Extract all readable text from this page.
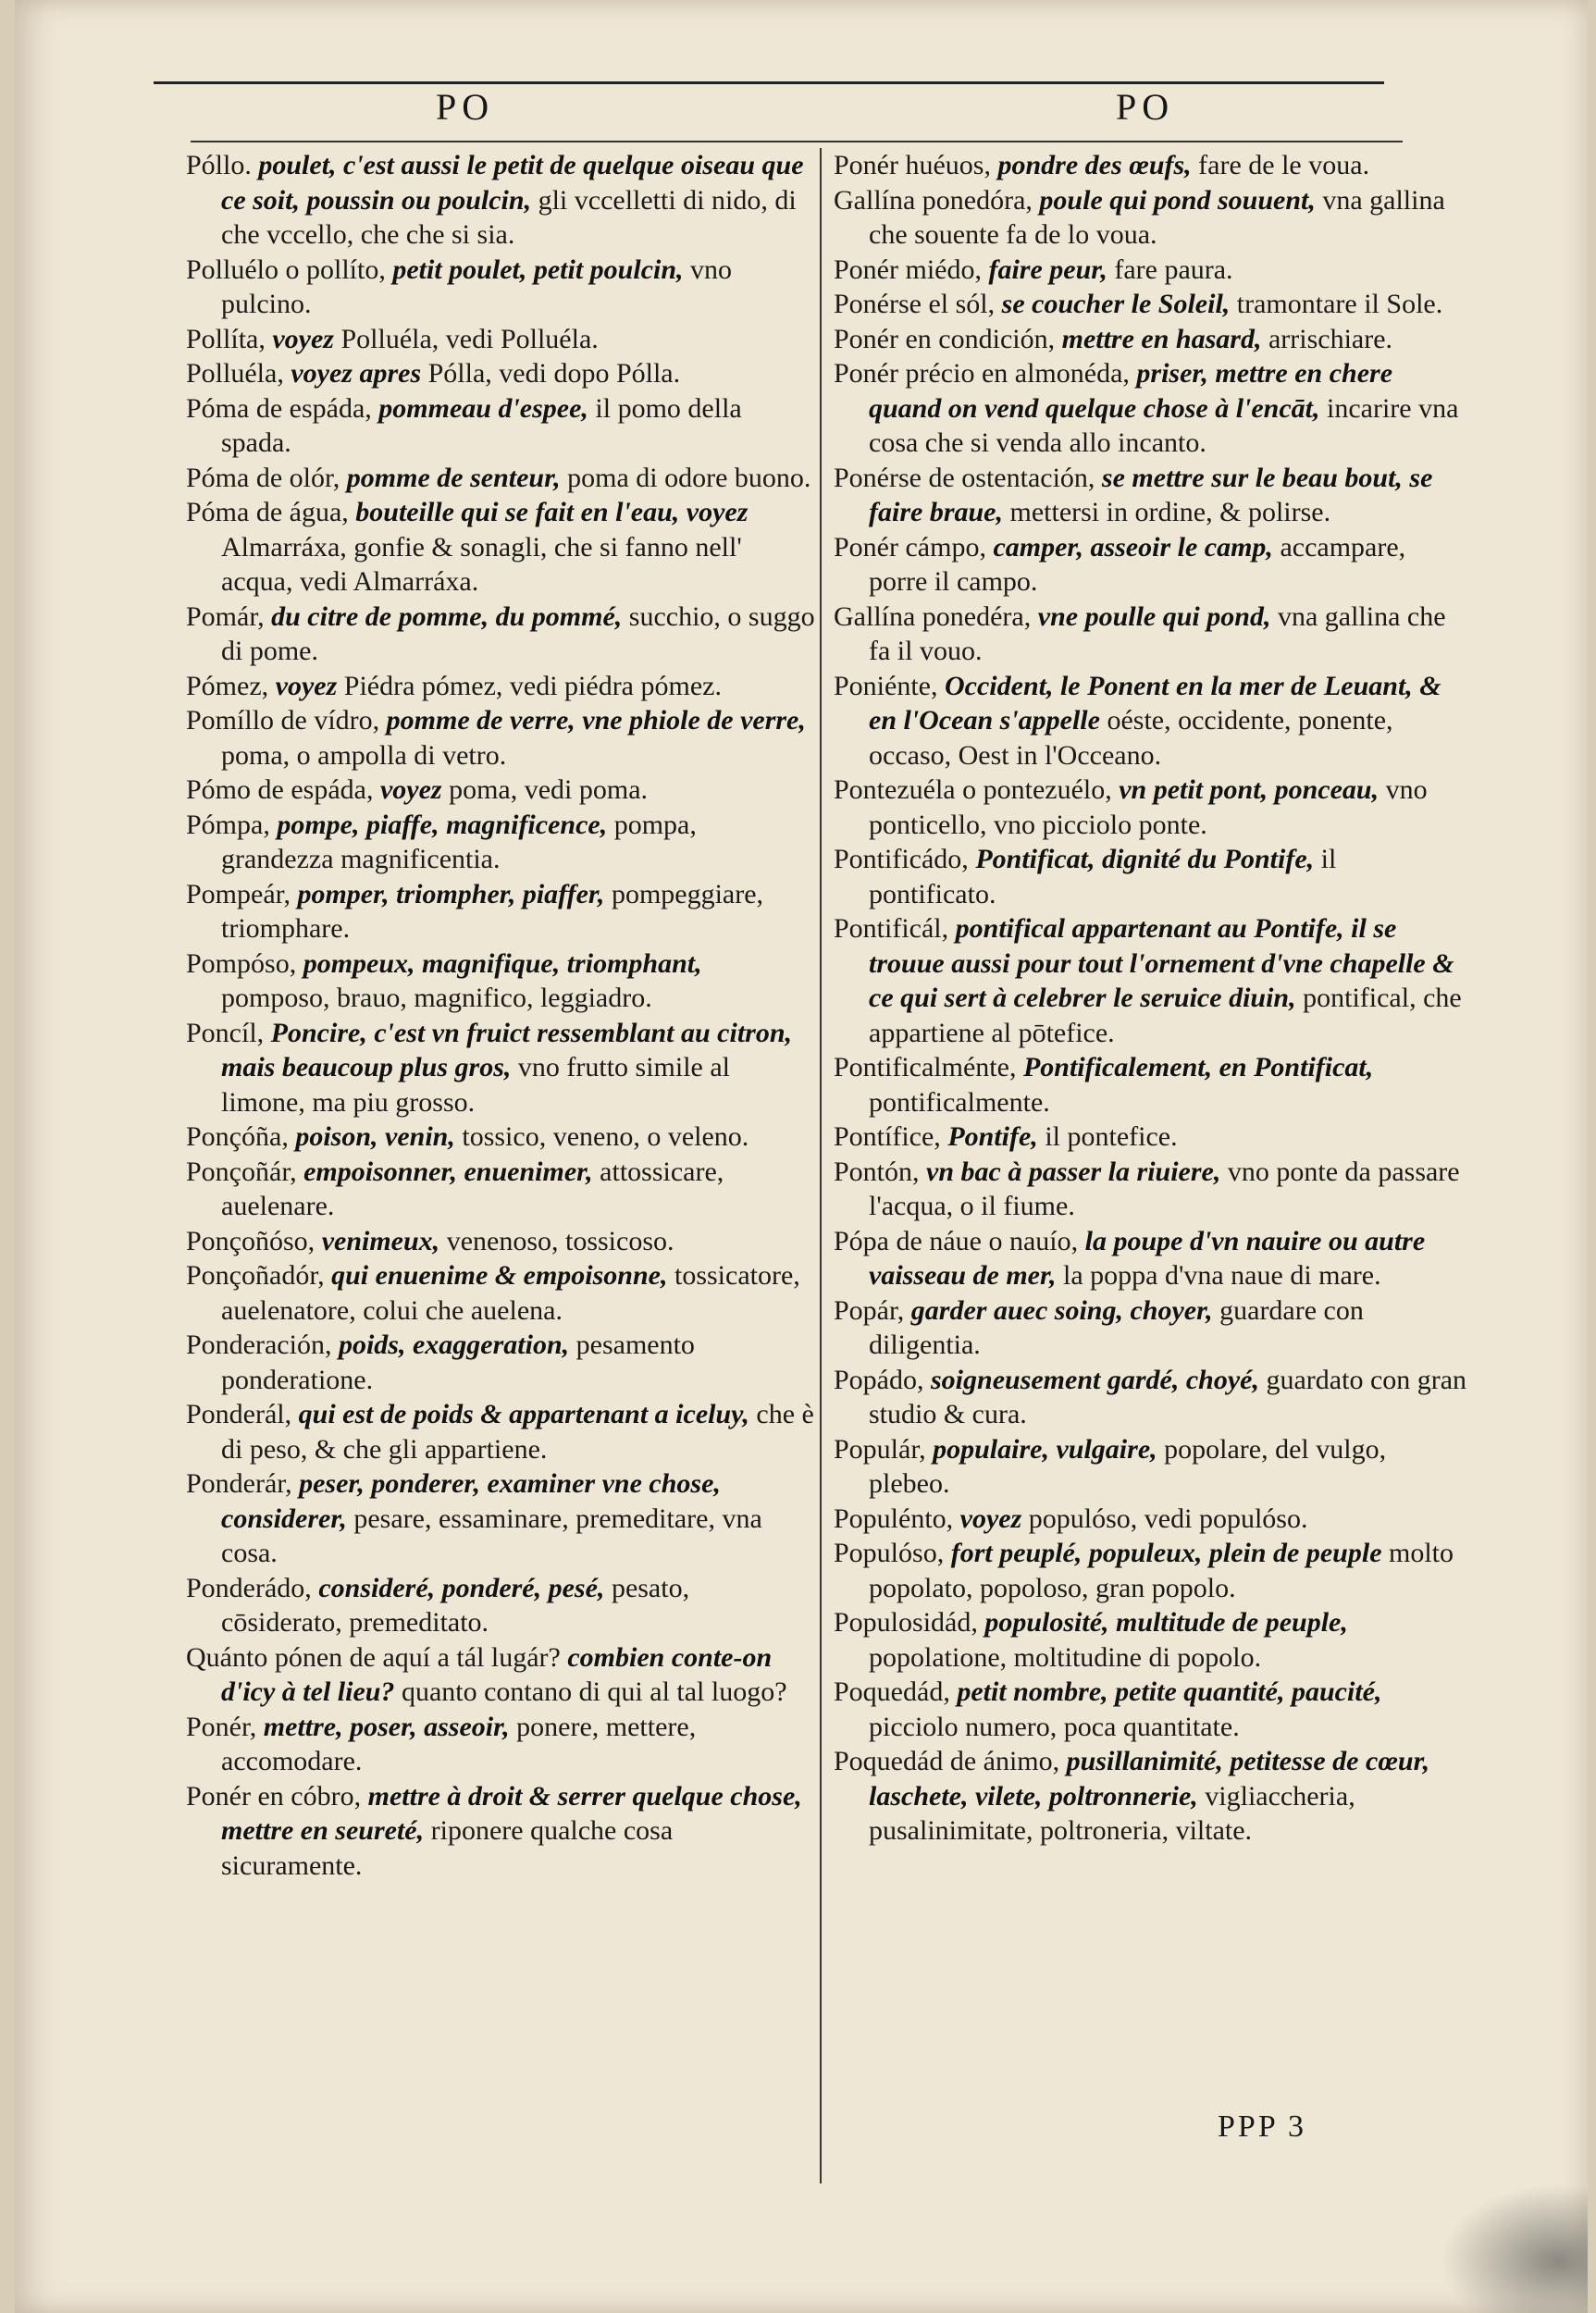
PO	PO

Póllo. poulet, c'est aussi le petit de quelque oiseau que ce soit, poussin ou poulcin, gli vccelletti di nido, di che vccello, che che si sia.

Polluélo o pollíto, petit poulet, petit poulcin, vno pulcino.

Pollíta, voyez Polluéla, vedi Polluéla.

Polluéla, voyez apres Pólla, vedi dopo Pólla.

Póma de espáda, pommeau d'espee, il pomo della spada.

Póma de olór, pomme de senteur, poma di odore buono.

Póma de água, bouteille qui se fait en l'eau, voyez Almarráxa, gonfie & sonagli, che si fanno nell' acqua, vedi Almarráxa.

Pomár, du citre de pomme, du pommé, succhio, o suggo di pome.

Pómez, voyez Piédra pómez, vedi piédra pómez.

Pomíllo de vídro, pomme de verre, vne phiole de verre, poma, o ampolla di vetro.

Pómo de espáda, voyez poma, vedi poma.

Pómpa, pompe, piaffe, magnificence, pompa, grandezza magnificentia.

Pompeár, pomper, triompher, piaffer, pompeggiare, triomphare.

Pompóso, pompeux, magnifique, triomphant, pomposo, brauo, magnifico, leggiadro.

Poncíl, Poncire, c'est vn fruict ressemblant au citron, mais beaucoup plus gros, vno frutto simile al limone, ma piu grosso.

Ponçóña, poison, venin, tossico, veneno, o veleno.

Ponçoñár, empoisonner, enuenimer, attossicare, auelenare.

Ponçoñóso, venimeux, venenoso, tossicoso.

Ponçoñadór, qui enuenime & empoisonne, tossicatore, auelenatore, colui che auelena.

Ponderación, poids, exaggeration, pesamento ponderatione.

Ponderál, qui est de poids & appartenant a iceluy, che è di peso, & che gli appartiene.

Ponderár, peser, ponderer, examiner vne chose, considerer, pesare, essaminare, premeditare, vna cosa.

Ponderádo, consideré, ponderé, pesé, pesato, cōsiderato, premeditato.

Quánto pónen de aquí a tál lugár? combien conte-on d'icy à tel lieu? quanto contano di qui al tal luogo?

Ponér, mettre, poser, asseoir, ponere, mettere, accomodare.

Ponér en cóbro, mettre à droit & serrer quelque chose, mettre en seureté, riponere qualche cosa sicuramente.

Ponér huéuos, pondre des œufs, fare de le voua.

Gallína ponedóra, poule qui pond souuent, vna gallina che souente fa de lo voua.

Ponér miédo, faire peur, fare paura.

Ponérse el sól, se coucher le Soleil, tramontare il Sole.

Ponér en condición, mettre en hasard, arrischiare.

Ponér précio en almonéda, priser, mettre en chere quand on vend quelque chose à l'encāt, incarire vna cosa che si venda allo incanto.

Ponérse de ostentación, se mettre sur le beau bout, se faire braue, mettersi in ordine, & polirse.

Ponér cámpo, camper, asseoir le camp, accampare, porre il campo.

Gallína ponedéra, vne poulle qui pond, vna gallina che fa il vouo.

Poniénte, Occident, le Ponent en la mer de Leuant, & en l'Ocean s'appelle oéste, occidente, ponente, occaso, Oest in l'Occeano.

Pontezuéla o pontezuélo, vn petit pont, ponceau, vno ponticello, vno picciolo ponte.

Pontificádo, Pontificat, dignité du Pontife, il pontificato.

Pontificál, pontifical appartenant au Pontife, il se trouue aussi pour tout l'ornement d'vne chapelle & ce qui sert à celebrer le seruice diuin, pontifical, che appartiene al pōtefice.

Pontificalménte, Pontificalement, en Pontificat, pontificalmente.

Pontífice, Pontife, il pontefice.

Pontón, vn bac à passer la riuiere, vno ponte da passare l'acqua, o il fiume.

Pópa de náue o nauío, la poupe d'vn nauire ou autre vaisseau de mer, la poppa d'vna naue di mare.

Popár, garder auec soing, choyer, guardare con diligentia.

Popádo, soigneusement gardé, choyé, guardato con gran studio & cura.

Populár, populaire, vulgaire, popolare, del vulgo, plebeo.

Populénto, voyez populóso, vedi populóso.

Populóso, fort peuplé, populeux, plein de peuple molto popolato, popoloso, gran popolo.

Populosidád, populosité, multitude de peuple, popolatione, moltitudine di popolo.

Poquedád, petit nombre, petite quantité, paucité, picciolo numero, poca quantitate.

Poquedád de ánimo, pusillanimité, petitesse de cœur, laschete, vilete, poltronnerie, vigliaccheria, pusalinimitate, poltroneria, viltate.

PPP 3
